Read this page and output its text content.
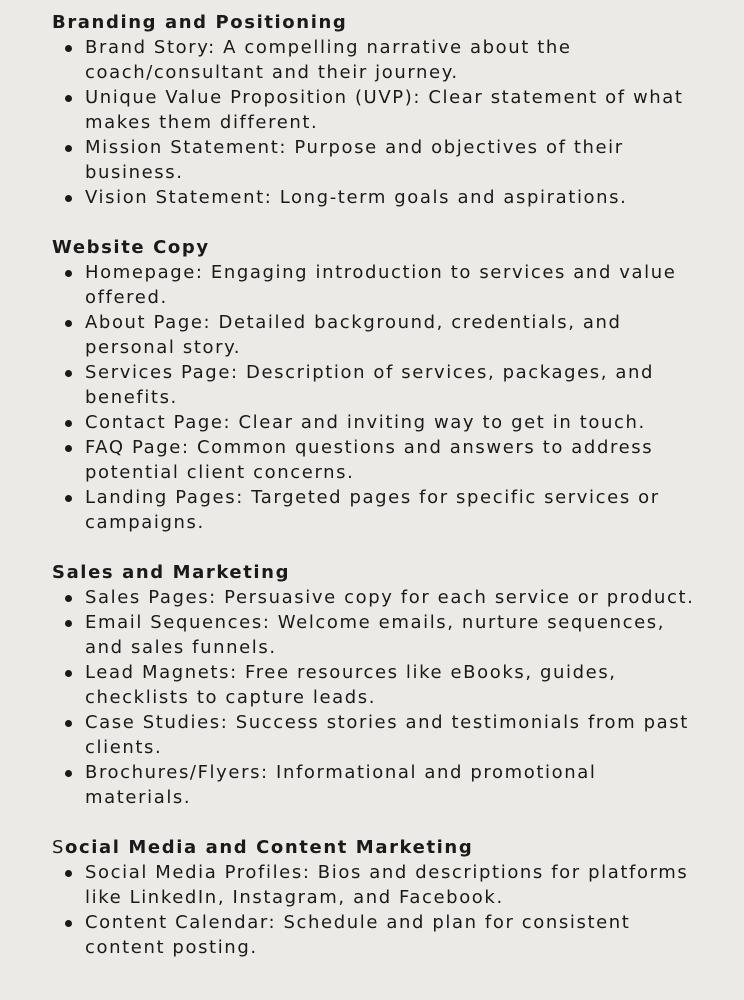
Branding and Positioning
Brand Story: A compelling narrative about the coach/consultant and their journey.
Unique Value Proposition (UVP): Clear statement of what makes them different.
Mission Statement: Purpose and objectives of their business.
Vision Statement: Long-term goals and aspirations.
Website Copy
Homepage: Engaging introduction to services and value offered.
About Page: Detailed background, credentials, and personal story.
Services Page: Description of services, packages, and benefits.
Contact Page: Clear and inviting way to get in touch.
FAQ Page: Common questions and answers to address potential client concerns.
Landing Pages: Targeted pages for specific services or campaigns.
Sales and Marketing
Sales Pages: Persuasive copy for each service or product.
Email Sequences: Welcome emails, nurture sequences, and sales funnels.
Lead Magnets: Free resources like eBooks, guides, checklists to capture leads.
Case Studies: Success stories and testimonials from past clients.
Brochures/Flyers: Informational and promotional materials.
Social Media and Content Marketing
Social Media Profiles: Bios and descriptions for platforms like LinkedIn, Instagram, and Facebook.
Content Calendar: Schedule and plan for consistent content posting.
